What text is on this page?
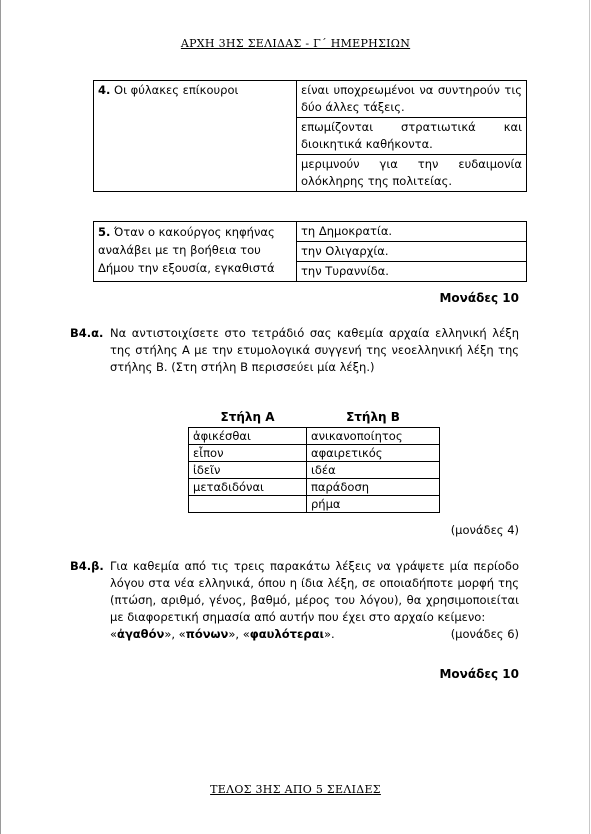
ΑΡΧΗ 3ΗΣ ΣΕΛΙΔΑΣ - Γ΄ ΗΜΕΡΗΣΙΩΝ
4. Οι φύλακες επίκουροι	είναι υποχρεωμένοι να συντηρούν τις δύο άλλες τάξεις.
επωμίζονται στρατιωτικά και διοικητικά καθήκοντα.
μεριμνούν για την ευδαιμονία ολόκληρης της πολιτείας.
5. Όταν ο κακούργος κηφήνας αναλάβει με τη βοήθεια του Δήμου την εξουσία, εγκαθιστά	τη Δημοκρατία.
την Ολιγαρχία.
την Τυραννίδα.
Μονάδες 10
Β4.α. Να αντιστοιχίσετε στο τετράδιό σας καθεμία αρχαία ελληνική λέξη της στήλης Α με την ετυμολογικά συγγενή της νεοελληνική λέξη της στήλης Β. (Στη στήλη Β περισσεύει μία λέξη.)
Στήλη Α	Στήλη Β
ἀφικέσθαι	ανικανοποίητος
εἶπον	αφαιρετικός
ἰδεῖν	ιδέα
μεταδιδόναι	παράδοση
	ρήμα
(μονάδες 4)
Β4.β. Για καθεμία από τις τρεις παρακάτω λέξεις να γράψετε μία περίοδο λόγου στα νέα ελληνικά, όπου η ίδια λέξη, σε οποιαδήποτε μορφή της (πτώση, αριθμό, γένος, βαθμό, μέρος του λόγου), θα χρησιμοποιείται με διαφορετική σημασία από αυτήν που έχει στο αρχαίο κείμενο:
«ἀγαθόν», «πόνων», «φαυλότεραι».	(μονάδες 6)
Μονάδες 10
ΤΕΛΟΣ 3ΗΣ ΑΠΟ 5 ΣΕΛΙΔΕΣ
